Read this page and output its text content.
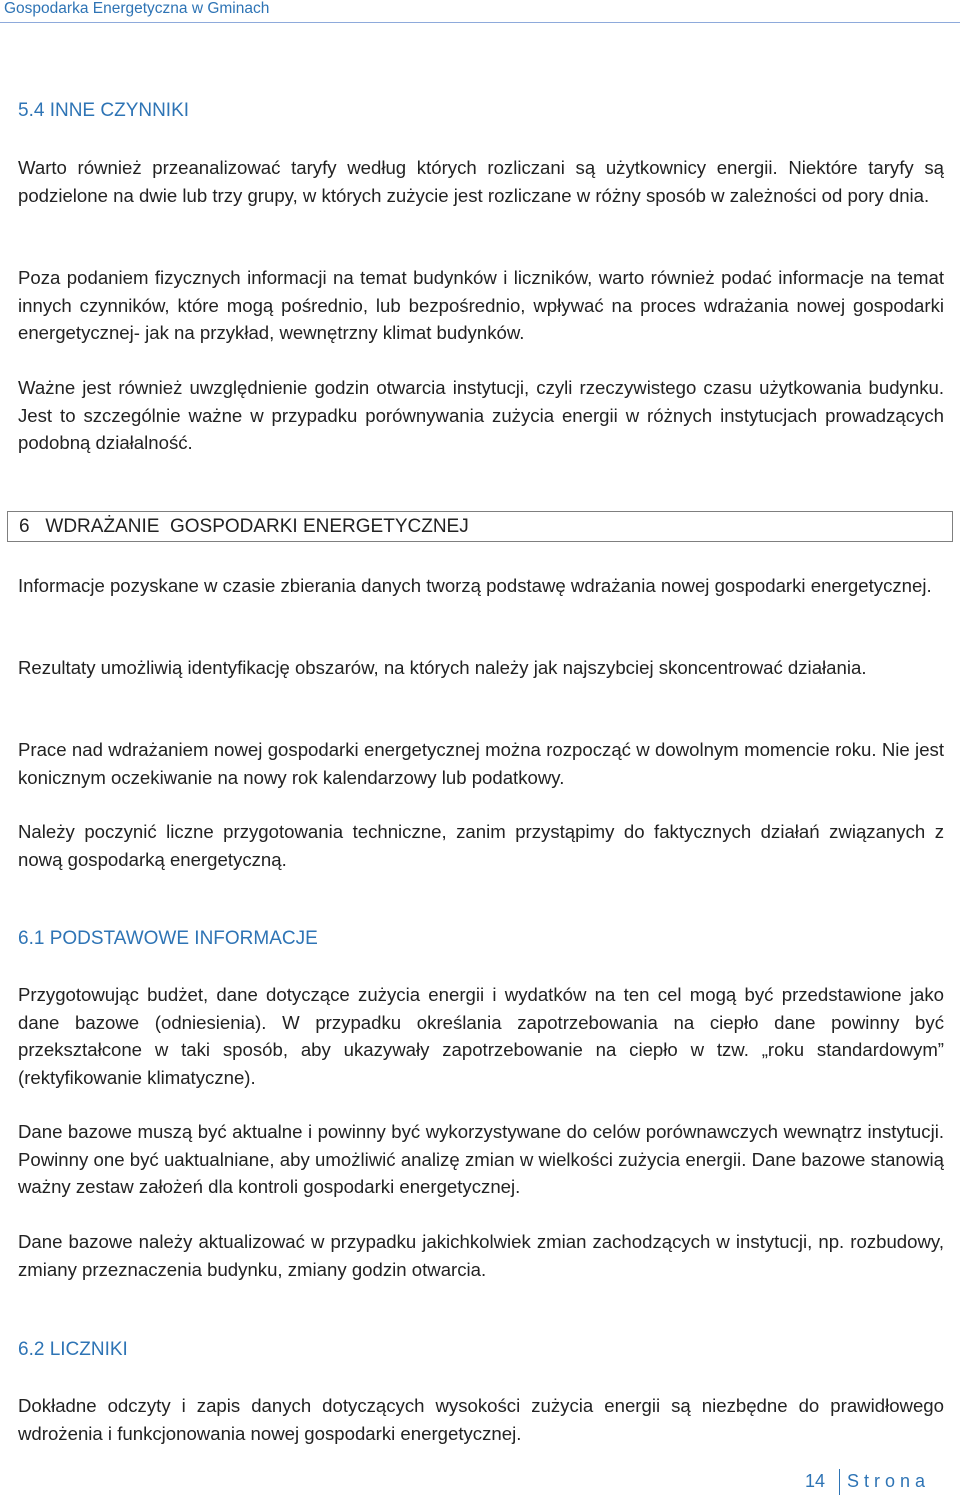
Gospodarka Energetyczna w Gminach
5.4 INNE CZYNNIKI

Warto również przeanalizować taryfy według których rozliczani są użytkownicy energii. Niektóre taryfy są podzielone na dwie lub trzy grupy, w których zużycie jest rozliczane w różny sposób w zależności od pory dnia.

Poza podaniem fizycznych informacji na temat budynków i liczników, warto również podać informacje na temat innych czynników, które mogą pośrednio, lub bezpośrednio, wpływać na proces wdrażania nowej gospodarki energetycznej- jak na przykład, wewnętrzny klimat budynków.

Ważne jest również uwzględnienie godzin otwarcia instytucji, czyli rzeczywistego czasu użytkowania budynku. Jest to szczególnie ważne w przypadku porównywania zużycia energii w różnych instytucjach prowadzących podobną działalność.

6   WDRAŻANIE  GOSPODARKI ENERGETYCZNEJ

Informacje pozyskane w czasie zbierania danych tworzą podstawę wdrażania nowej gospodarki energetycznej.

Rezultaty umożliwią identyfikację obszarów, na których należy jak najszybciej skoncentrować działania.

Prace nad wdrażaniem nowej gospodarki energetycznej można rozpocząć w dowolnym momencie roku. Nie jest konicznym oczekiwanie na nowy rok kalendarzowy lub podatkowy.

Należy poczynić liczne przygotowania techniczne, zanim przystąpimy do faktycznych działań związanych z nową gospodarką energetyczną.

6.1 PODSTAWOWE INFORMACJE

Przygotowując budżet, dane dotyczące zużycia energii i wydatków na ten cel mogą być przedstawione jako dane bazowe (odniesienia). W przypadku określania zapotrzebowania na ciepło dane powinny być przekształcone w taki sposób, aby ukazywały zapotrzebowanie na ciepło w tzw. „roku standardowym” (rektyfikowanie klimatyczne).

Dane bazowe muszą być aktualne i powinny być wykorzystywane do celów porównawczych wewnątrz instytucji. Powinny one być uaktualniane, aby umożliwić analizę zmian w wielkości zużycia energii. Dane bazowe stanowią ważny zestaw założeń dla kontroli gospodarki energetycznej.

Dane bazowe należy aktualizować w przypadku jakichkolwiek zmian zachodzących w instytucji, np. rozbudowy, zmiany przeznaczenia budynku, zmiany godzin otwarcia.

6.2 LICZNIKI

Dokładne odczyty i zapis danych dotyczących wysokości zużycia energii są niezbędne do prawidłowego wdrożenia i funkcjonowania nowej gospodarki energetycznej.

14 Strona
